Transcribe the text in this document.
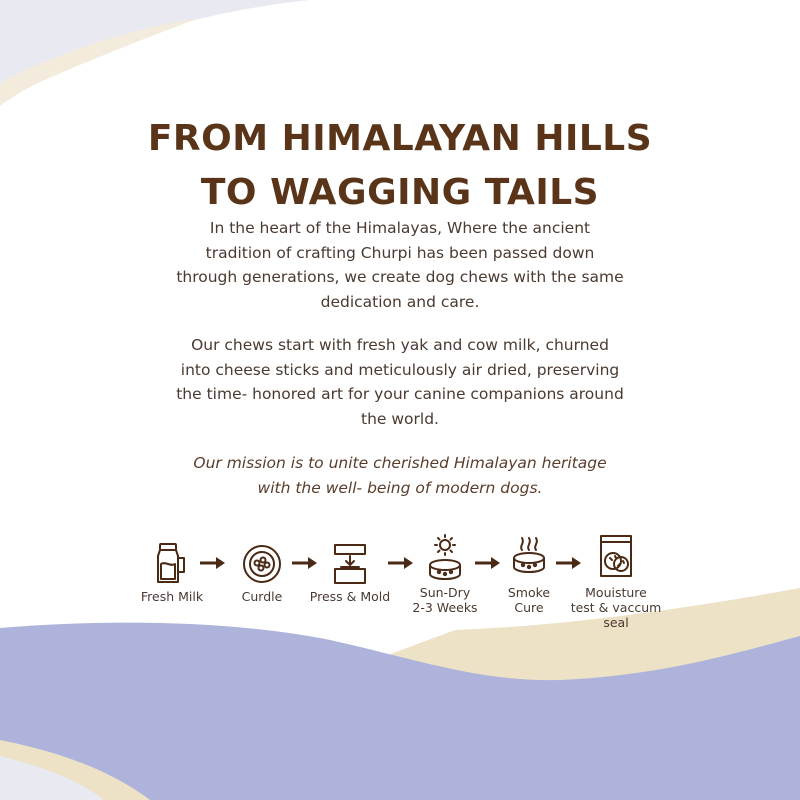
FROM HIMALAYAN HILLS
TO WAGGING TAILS

In the heart of the Himalayas, Where the ancient tradition of crafting Churpi has been passed down through generations, we create dog chews with the same dedication and care.

Our chews start with fresh yak and cow milk, churned into cheese sticks and meticulously air dried, preserving the time- honored art for your canine companions around the world.

Our mission is to unite cherished Himalayan heritage with the well- being of modern dogs.

Fresh Milk	Curdle	Press & Mold	Sun-Dry
2-3 Weeks
Smoke
Cure
Mouisture
test & vaccum
seal
